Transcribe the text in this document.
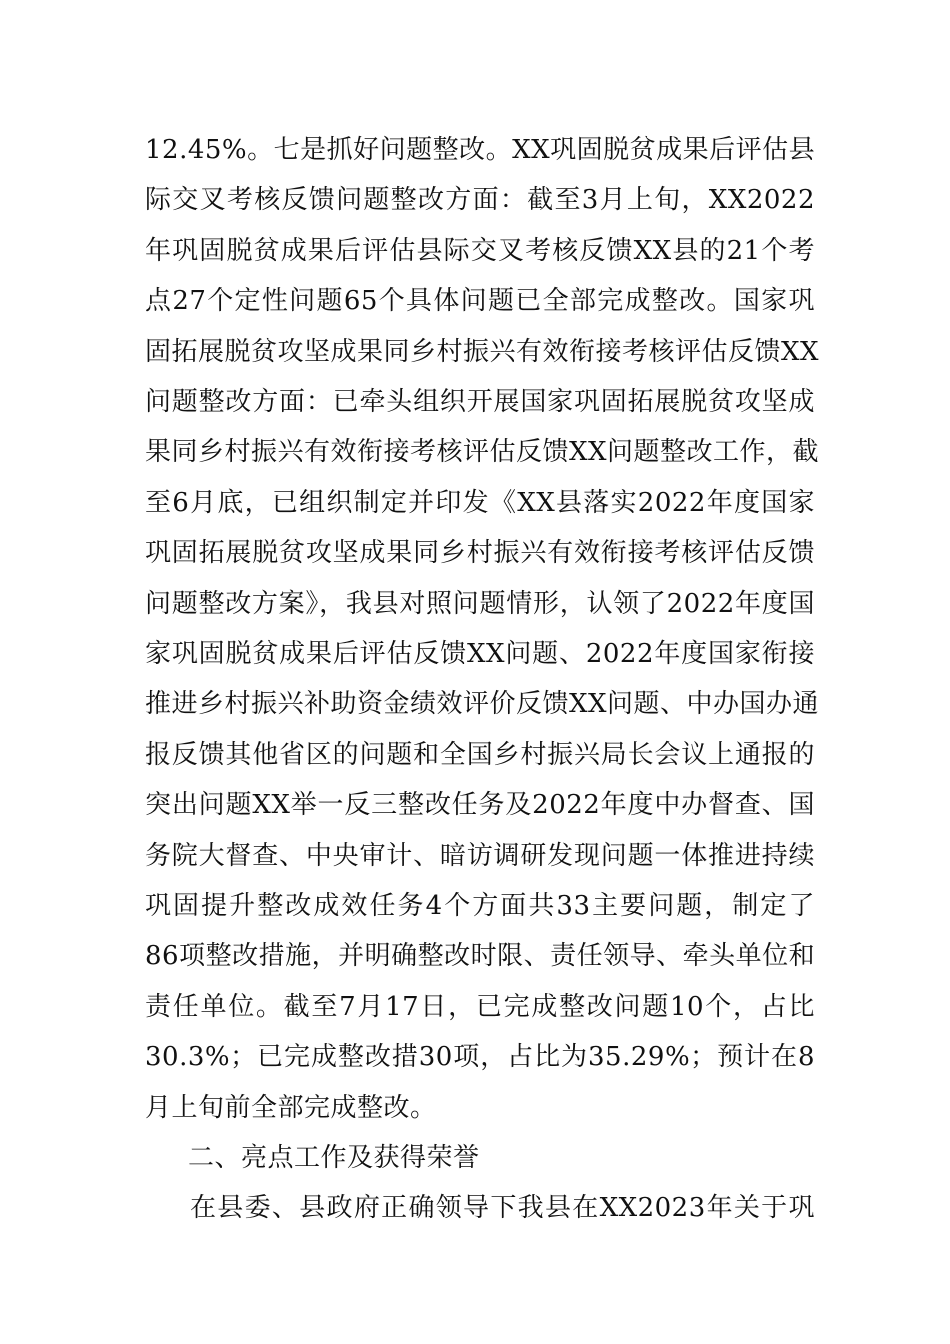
12.45%。七是抓好问题整改。XX巩固脱贫成果后评估县
际交叉考核反馈问题整改方面：截至3月上旬，XX2022
年巩固脱贫成果后评估县际交叉考核反馈XX县的21个考
点27个定性问题65个具体问题已全部完成整改。国家巩
固拓展脱贫攻坚成果同乡村振兴有效衔接考核评估反馈XX
问题整改方面：已牵头组织开展国家巩固拓展脱贫攻坚成
果同乡村振兴有效衔接考核评估反馈XX问题整改工作，截
至6月底，已组织制定并印发《XX县落实2022年度国家
巩固拓展脱贫攻坚成果同乡村振兴有效衔接考核评估反馈
问题整改方案》，我县对照问题情形，认领了2022年度国
家巩固脱贫成果后评估反馈XX问题、2022年度国家衔接
推进乡村振兴补助资金绩效评价反馈XX问题、中办国办通
报反馈其他省区的问题和全国乡村振兴局长会议上通报的
突出问题XX举一反三整改任务及2022年度中办督查、国
务院大督查、中央审计、暗访调研发现问题一体推进持续
巩固提升整改成效任务4个方面共33主要问题，制定了
86项整改措施，并明确整改时限、责任领导、牵头单位和
责任单位。截至7月17日，已完成整改问题10个，占比
30.3%；已完成整改措30项，占比为35.29%；预计在8
月上旬前全部完成整改。
二、亮点工作及获得荣誉
在县委、县政府正确领导下我县在XX2023年关于巩
